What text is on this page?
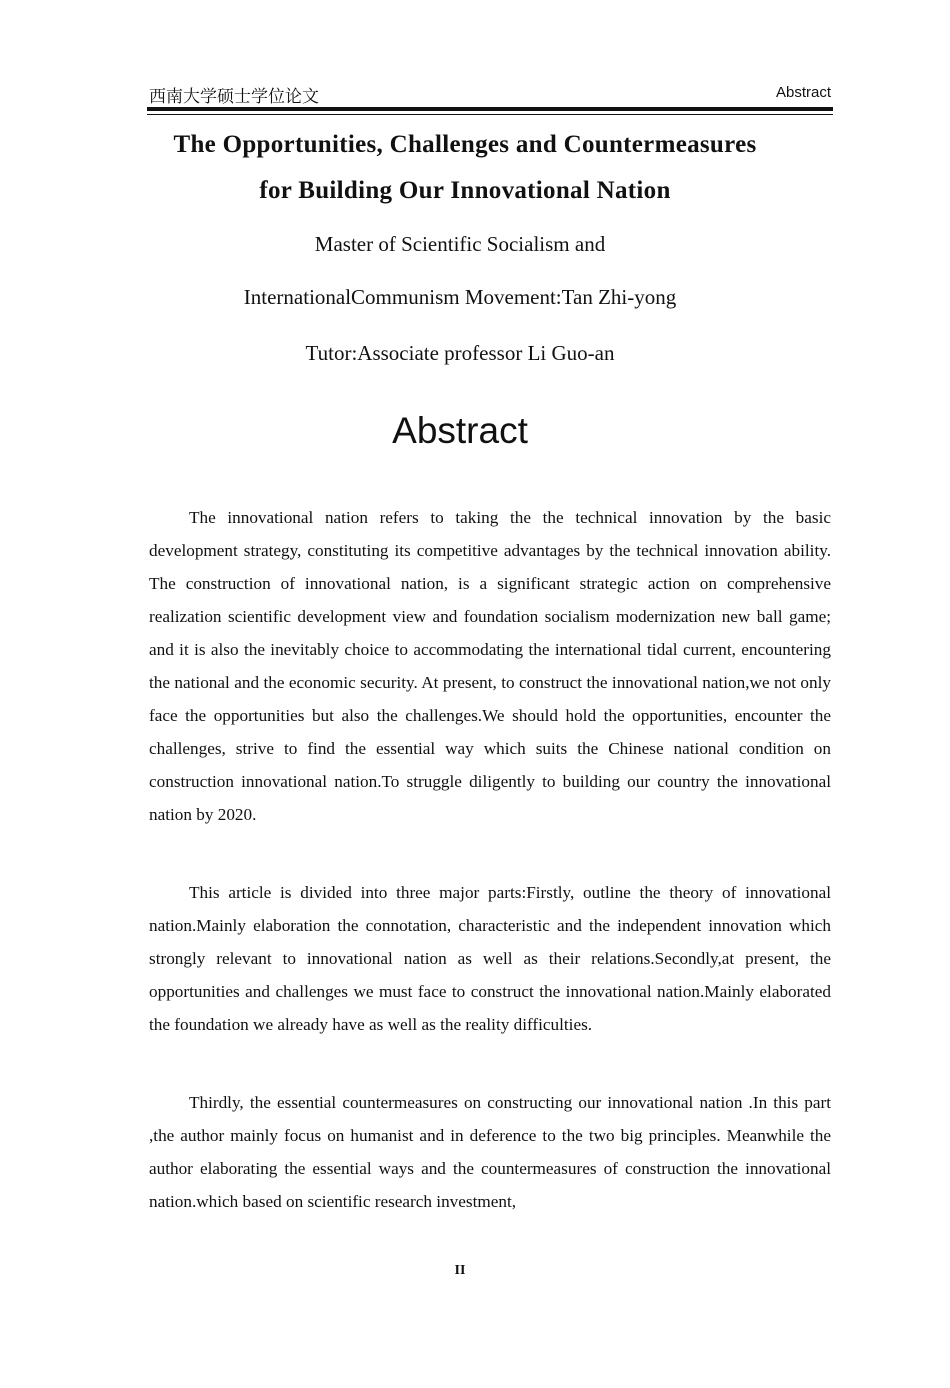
西南大学硕士学位论文	Abstract
The Opportunities, Challenges and Countermeasures
for Building Our Innovational Nation
Master of Scientific Socialism and
InternationalCommunism Movement:Tan Zhi-yong
Tutor:Associate professor Li Guo-an
Abstract

The innovational nation refers to taking the the technical innovation by the basic development strategy, constituting its competitive advantages by the technical innovation ability. The construction of innovational nation, is a significant strategic action on comprehensive realization scientific development view and foundation socialism modernization new ball game; and it is also the inevitably choice to accommodating the international tidal current, encountering the national and the economic security. At present, to construct the innovational nation,we not only face the opportunities but also the challenges.We should hold the opportunities, encounter the challenges, strive to find the essential way which suits the Chinese national condition on construction innovational nation.To struggle diligently to building our country the innovational nation by 2020.

This article is divided into three major parts:Firstly, outline the theory of innovational nation.Mainly elaboration the connotation, characteristic and the independent innovation which strongly relevant to innovational nation as well as their relations.Secondly,at present, the opportunities and challenges we must face to construct the innovational nation.Mainly elaborated the foundation we already have as well as the reality difficulties.

Thirdly, the essential countermeasures on constructing our innovational nation .In this part ,the author mainly focus on humanist and in deference to the two big principles. Meanwhile the author elaborating the essential ways and the countermeasures of construction the innovational nation.which based on scientific research investment,

II
